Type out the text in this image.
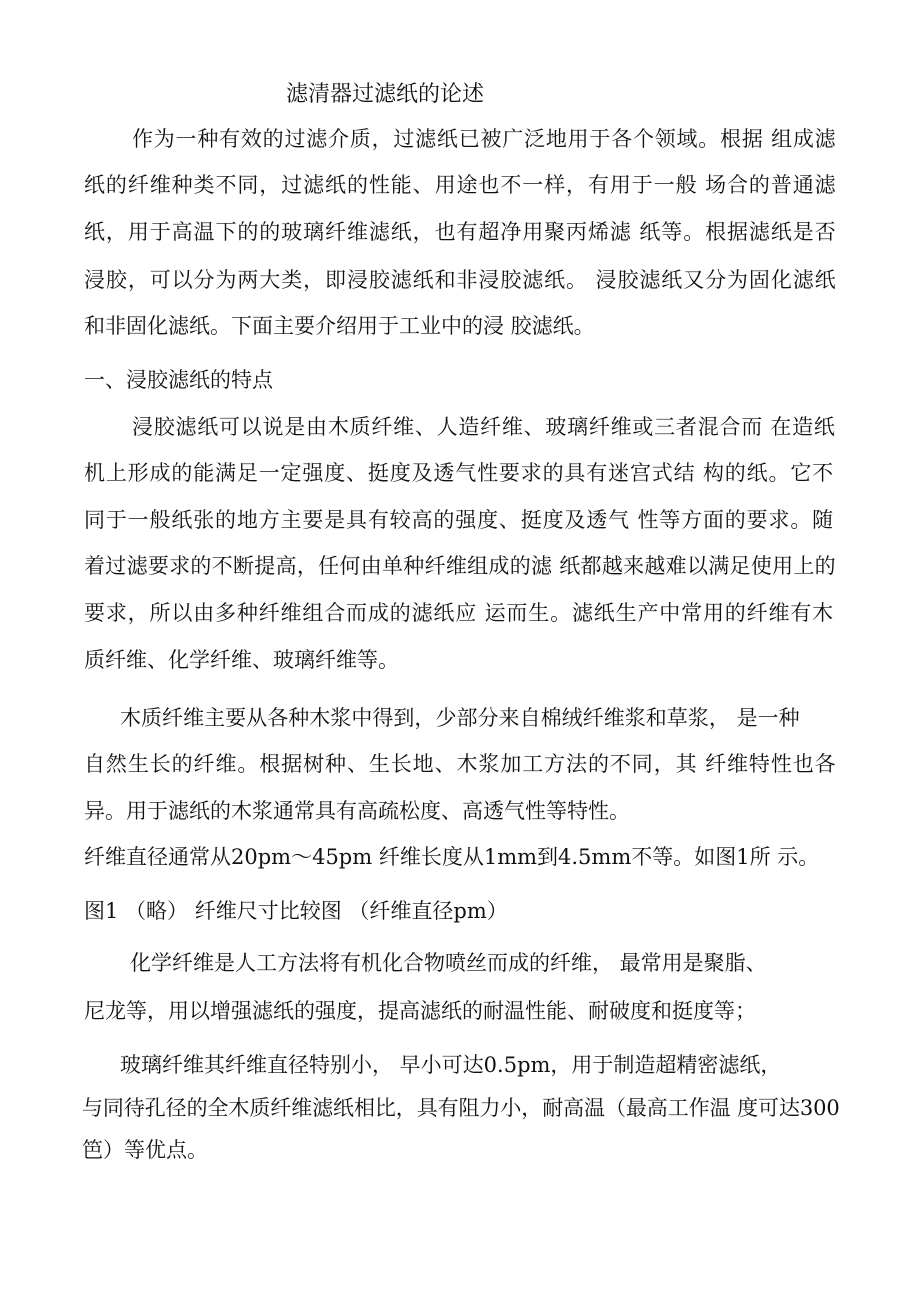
滤清器过滤纸的论述
作为一种有效的过滤介质，过滤纸已被广泛地用于各个领域。根据 组成滤
纸的纤维种类不同，过滤纸的性能、用途也不一样，有用于一般 场合的普通滤
纸，用于高温下的的玻璃纤维滤纸，也有超净用聚丙烯滤 纸等。根据滤纸是否
浸胶，可以分为两大类，即浸胶滤纸和非浸胶滤纸。 浸胶滤纸又分为固化滤纸
和非固化滤纸。下面主要介绍用于工业中的浸 胶滤纸。
一、浸胶滤纸的特点
浸胶滤纸可以说是由木质纤维、人造纤维、玻璃纤维或三者混合而 在造纸
机上形成的能满足一定强度、挺度及透气性要求的具有迷宫式结 构的纸。它不
同于一般纸张的地方主要是具有较高的强度、挺度及透气 性等方面的要求。随
着过滤要求的不断提高，任何由单种纤维组成的滤 纸都越来越难以满足使用上的
要求，所以由多种纤维组合而成的滤纸应 运而生。滤纸生产中常用的纤维有木
质纤维、化学纤维、玻璃纤维等。
木质纤维主要从各种木浆中得到，少部分来自棉绒纤维浆和草浆， 是一种
自然生长的纤维。根据树种、生长地、木浆加工方法的不同，其 纤维特性也各
异。用于滤纸的木浆通常具有高疏松度、高透气性等特性。
纤维直径通常从20pm〜45pm 纤维长度从1mm到4.5mm不等。如图1所 示。
图1 （略） 纤维尺寸比较图 （纤维直径pm）
化学纤维是人工方法将有机化合物喷丝而成的纤维， 最常用是聚脂、
尼龙等，用以增强滤纸的强度，提高滤纸的耐温性能、耐破度和挺度等；
玻璃纤维其纤维直径特别小， 早小可达0.5pm，用于制造超精密滤纸，
与同待孔径的全木质纤维滤纸相比，具有阻力小，耐高温（最高工作温 度可达300
笆）等优点。
